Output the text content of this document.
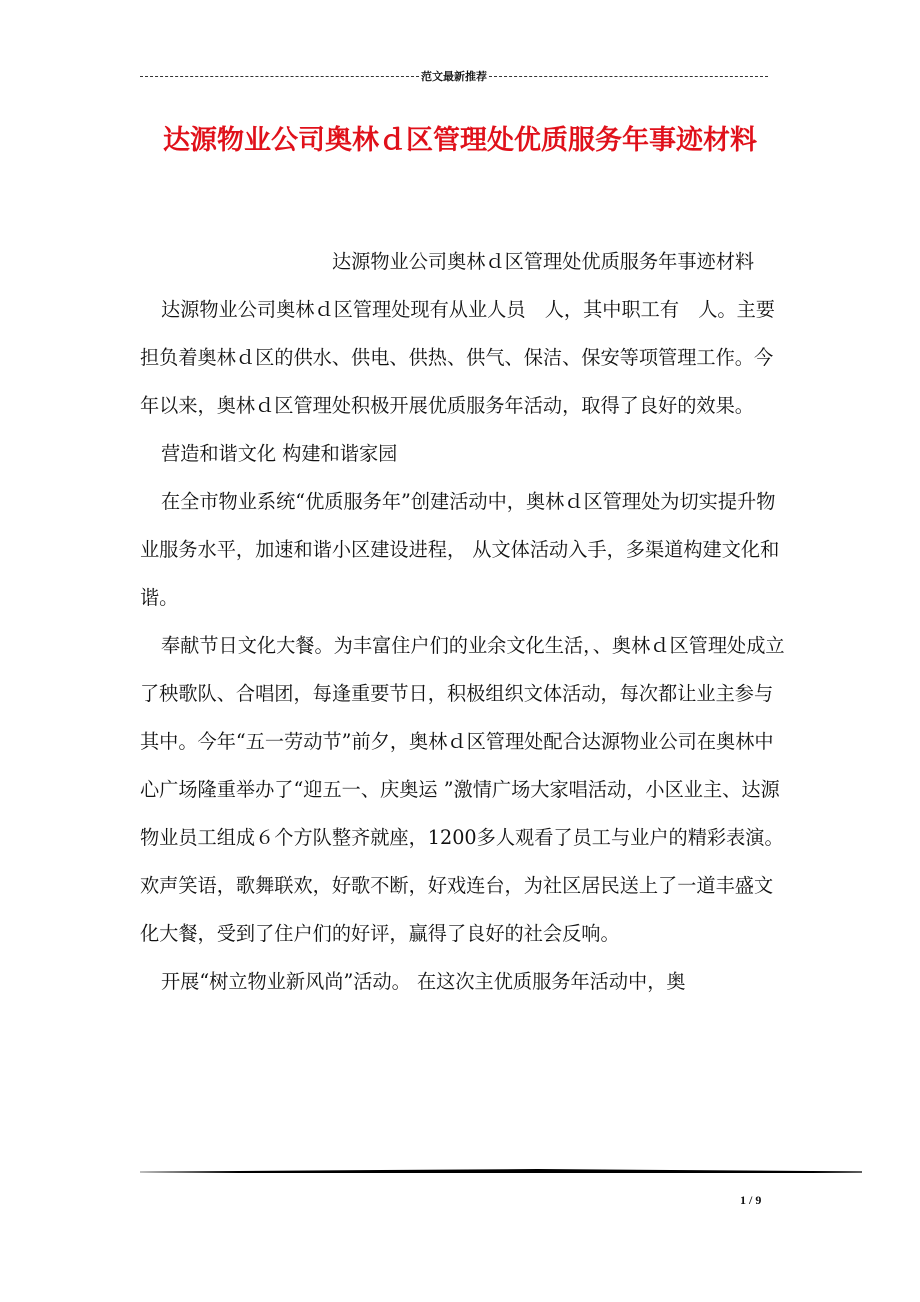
范文最新推荐
达源物业公司奥林ｄ区管理处优质服务年事迹材料

达源物业公司奥林ｄ区管理处优质服务年事迹材料

达源物业公司奥林ｄ区管理处现有从业人员　人，其中职工有　人。主要担负着奥林ｄ区的供水、供电、供热、供气、保洁、保安等项管理工作。今年以来，奥林ｄ区管理处积极开展优质服务年活动，取得了良好的效果。

营造和谐文化 构建和谐家园

在全市物业系统“优质服务年”创建活动中，奥林ｄ区管理处为切实提升物业服务水平，加速和谐小区建设进程， 从文体活动入手，多渠道构建文化和谐。

奉献节日文化大餐。为丰富住户们的业余文化生活，、奥林ｄ区管理处成立了秧歌队、合唱团，每逢重要节日，积极组织文体活动，每次都让业主参与其中。今年“五一劳动节”前夕，奥林ｄ区管理处配合达源物业公司在奥林中心广场隆重举办了“迎五一、庆奥运 ”激情广场大家唱活动，小区业主、达源物业员工组成６个方队整齐就座，1200多人观看了员工与业户的精彩表演。欢声笑语，歌舞联欢，好歌不断，好戏连台，为社区居民送上了一道丰盛文化大餐，受到了住户们的好评，赢得了良好的社会反响。

开展“树立物业新风尚”活动。 在这次主优质服务年活动中，奥

1 / 9
